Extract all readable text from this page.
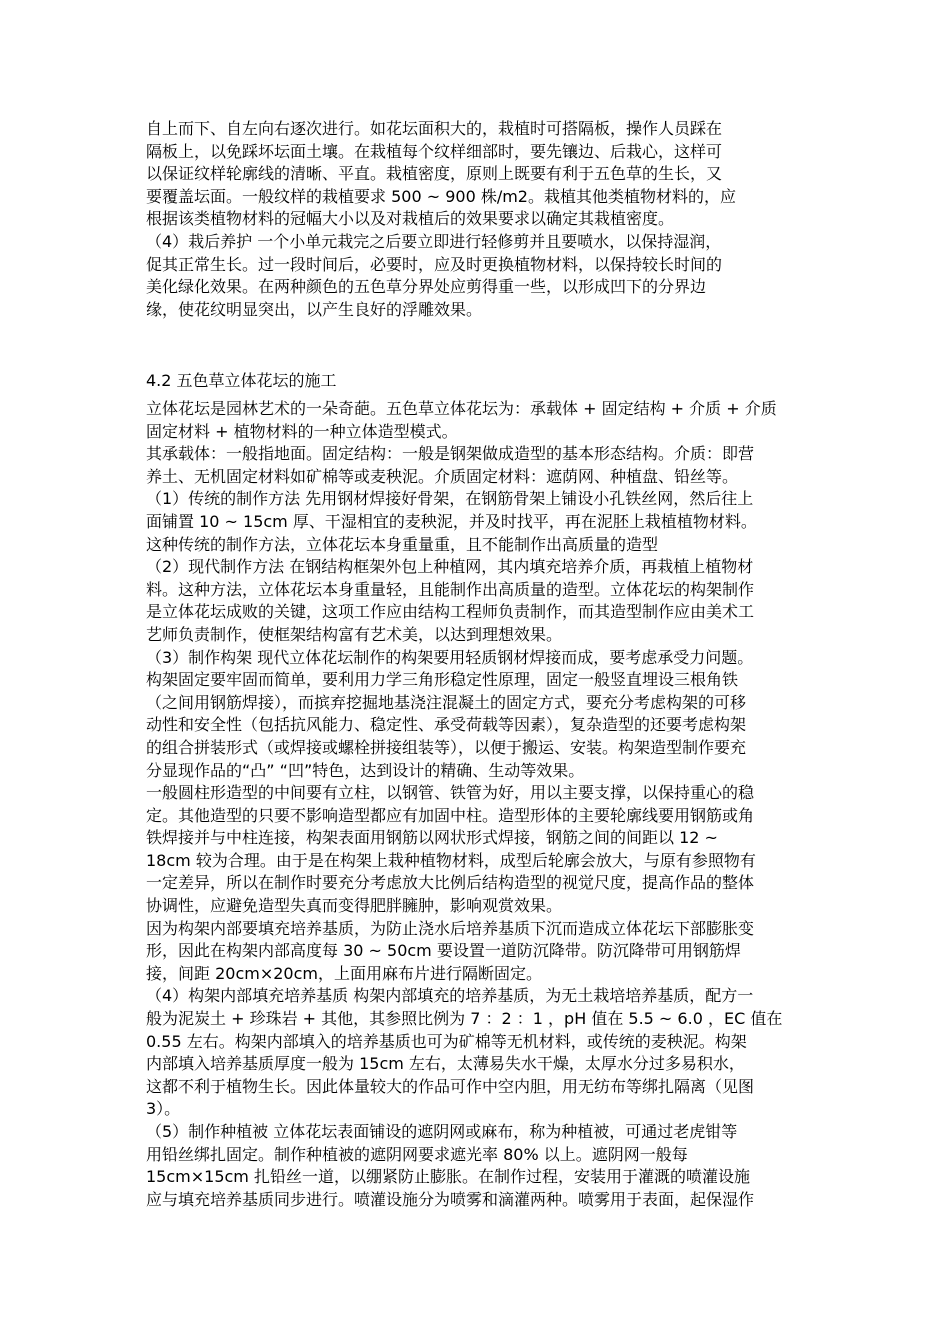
自上而下、自左向右逐次进行。如花坛面积大的，栽植时可搭隔板，操作人员踩在
隔板上，以免踩坏坛面土壤。在栽植每个纹样细部时，要先镶边、后栽心，这样可
以保证纹样轮廓线的清晰、平直。栽植密度，原则上既要有利于五色草的生长，又
要覆盖坛面。一般纹样的栽植要求 500 ~ 900 株/m2。栽植其他类植物材料的，应
根据该类植物材料的冠幅大小以及对栽植后的效果要求以确定其栽植密度。
（4）栽后养护 一个小单元栽完之后要立即进行轻修剪并且要喷水，以保持湿润，
促其正常生长。过一段时间后，必要时，应及时更换植物材料，以保持较长时间的
美化绿化效果。在两种颜色的五色草分界处应剪得重一些，以形成凹下的分界边
缘，使花纹明显突出，以产生良好的浮雕效果。
4.2 五色草立体花坛的施工
立体花坛是园林艺术的一朵奇葩。五色草立体花坛为：承载体 + 固定结构 + 介质 + 介质
固定材料 + 植物材料的一种立体造型模式。
其承载体：一般指地面。固定结构：一般是钢架做成造型的基本形态结构。介质：即营
养土、无机固定材料如矿棉等或麦秧泥。介质固定材料：遮荫网、种植盘、铅丝等。
（1）传统的制作方法 先用钢材焊接好骨架，在钢筋骨架上铺设小孔铁丝网，然后往上
面铺置 10 ~ 15cm 厚、干湿相宜的麦秧泥，并及时找平，再在泥胚上栽植植物材料。
这种传统的制作方法，立体花坛本身重量重，且不能制作出高质量的造型
（2）现代制作方法 在钢结构框架外包上种植网，其内填充培养介质，再栽植上植物材
料。这种方法，立体花坛本身重量轻，且能制作出高质量的造型。立体花坛的构架制作
是立体花坛成败的关键，这项工作应由结构工程师负责制作，而其造型制作应由美术工
艺师负责制作，使框架结构富有艺术美，以达到理想效果。
（3）制作构架 现代立体花坛制作的构架要用轻质钢材焊接而成，要考虑承受力问题。
构架固定要牢固而简单，要利用力学三角形稳定性原理，固定一般竖直埋设三根角铁
（之间用钢筋焊接），而摈弃挖掘地基浇注混凝土的固定方式，要充分考虑构架的可移
动性和安全性（包括抗风能力、稳定性、承受荷载等因素），复杂造型的还要考虑构架
的组合拼装形式（或焊接或螺栓拼接组装等），以便于搬运、安装。构架造型制作要充
分显现作品的“凸” “凹”特色，达到设计的精确、生动等效果。
一般圆柱形造型的中间要有立柱，以钢管、铁管为好，用以主要支撑，以保持重心的稳
定。其他造型的只要不影响造型都应有加固中柱。造型形体的主要轮廓线要用钢筋或角
铁焊接并与中柱连接，构架表面用钢筋以网状形式焊接，钢筋之间的间距以 12 ~
18cm 较为合理。由于是在构架上栽种植物材料，成型后轮廓会放大，与原有参照物有
一定差异，所以在制作时要充分考虑放大比例后结构造型的视觉尺度，提高作品的整体
协调性，应避免造型失真而变得肥胖臃肿，影响观赏效果。
因为构架内部要填充培养基质，为防止浇水后培养基质下沉而造成立体花坛下部膨胀变
形，因此在构架内部高度每 30 ~ 50cm 要设置一道防沉降带。防沉降带可用钢筋焊
接，间距 20cm×20cm，上面用麻布片进行隔断固定。
（4）构架内部填充培养基质 构架内部填充的培养基质，为无土栽培培养基质，配方一
般为泥炭土 + 珍珠岩 + 其他，其参照比例为 7 ：2 ：1 ，pH 值在 5.5 ~ 6.0 ，EC 值在
0.55 左右。构架内部填入的培养基质也可为矿棉等无机材料，或传统的麦秧泥。构架
内部填入培养基质厚度一般为 15cm 左右，太薄易失水干燥，太厚水分过多易积水，
这都不利于植物生长。因此体量较大的作品可作中空内胆，用无纺布等绑扎隔离（见图
3）。
（5）制作种植被 立体花坛表面铺设的遮阴网或麻布，称为种植被，可通过老虎钳等
用铅丝绑扎固定。制作种植被的遮阴网要求遮光率 80% 以上。遮阴网一般每
15cm×15cm 扎铅丝一道，以绷紧防止膨胀。在制作过程，安装用于灌溉的喷灌设施
应与填充培养基质同步进行。喷灌设施分为喷雾和滴灌两种。喷雾用于表面，起保湿作
